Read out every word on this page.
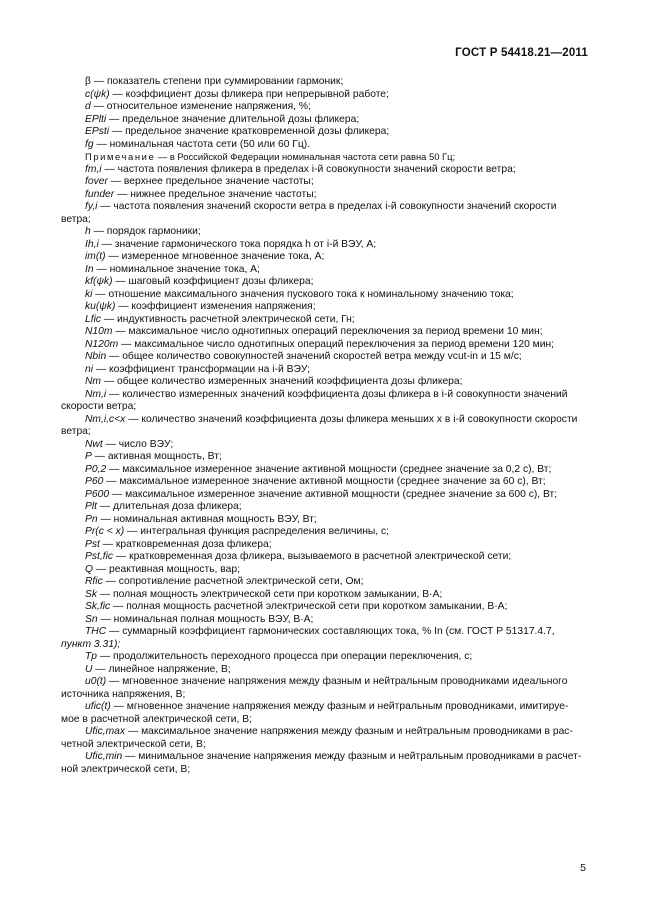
ГОСТ Р 54418.21—2011
β — показатель степени при суммировании гармоник;
c(ψk) — коэффициент дозы фликера при непрерывной работе;
d — относительное изменение напряжения, %;
EPlti — предельное значение длительной дозы фликера;
EPsti — предельное значение кратковременной дозы фликера;
fg — номинальная частота сети (50 или 60 Гц).
Примечание — в Российской Федерации номинальная частота сети равна 50 Гц;
fm,i — частота появления фликера в пределах i-й совокупности значений скорости ветра;
fover — верхнее предельное значение частоты;
funder — нижнее предельное значение частоты;
fy,i — частота появления значений скорости ветра в пределах i-й совокупности значений скорости
ветра;
h — порядок гармоники;
Ih,i — значение гармонического тока порядка h от i-й ВЭУ, А;
im(t) — измеренное мгновенное значение тока, А;
In — номинальное значение тока, А;
kf(ψk) — шаговый коэффициент дозы фликера;
ki — отношение максимального значения пускового тока к номинальному значению тока;
ku(ψk) — коэффициент изменения напряжения;
Lfic — индуктивность расчетной электрической сети, Гн;
N10m — максимальное число однотипных операций переключения за период времени 10 мин;
N120m — максимальное число однотипных операций переключения за период времени 120 мин;
Nbin — общее количество совокупностей значений скоростей ветра между vcut-in и 15 м/с;
ni — коэффициент трансформации на i-й ВЭУ;
Nm — общее количество измеренных значений коэффициента дозы фликера;
Nm,i — количество измеренных значений коэффициента дозы фликера в i-й совокупности значений
скорости ветра;
Nm,i,c<x — количество значений коэффициента дозы фликера меньших x в i-й совокупности скорости
ветра;
Nwt — число ВЭУ;
P — активная мощность, Вт;
P0,2 — максимальное измеренное значение активной мощности (среднее значение за 0,2 с), Вт;
P60 — максимальное измеренное значение активной мощности (среднее значение за 60 с), Вт;
P600 — максимальное измеренное значение активной мощности (среднее значение за 600 с), Вт;
Plt — длительная доза фликера;
Pn — номинальная активная мощность ВЭУ, Вт;
Pr(c < x) — интегральная функция распределения величины, с;
Pst — кратковременная доза фликера;
Pst,fic — кратковременная доза фликера, вызываемого в расчетной электрической сети;
Q — реактивная мощность, вар;
Rfic — сопротивление расчетной электрической сети, Ом;
Sk — полная мощность электрической сети при коротком замыкании, В·А;
Sk,fic — полная мощность расчетной электрической сети при коротком замыкании, В·А;
Sn — номинальная полная мощность ВЭУ, В·А;
THC — суммарный коэффициент гармонических составляющих тока, % In (см. ГОСТ Р 51317.4.7,
пункт 3.31);
Tp — продолжительность переходного процесса при операции переключения, с;
U — линейное напряжение, В;
u0(t) — мгновенное значение напряжения между фазным и нейтральным проводниками идеального
источника напряжения, В;
ufic(t) — мгновенное значение напряжения между фазным и нейтральным проводниками, имитируе-
мое в расчетной электрической сети, В;
Ufic,max — максимальное значение напряжения между фазным и нейтральным проводниками в рас-
четной электрической сети, В;
Ufic,min — минимальное значение напряжения между фазным и нейтральным проводниками в расчет-
ной электрической сети, В;
5
